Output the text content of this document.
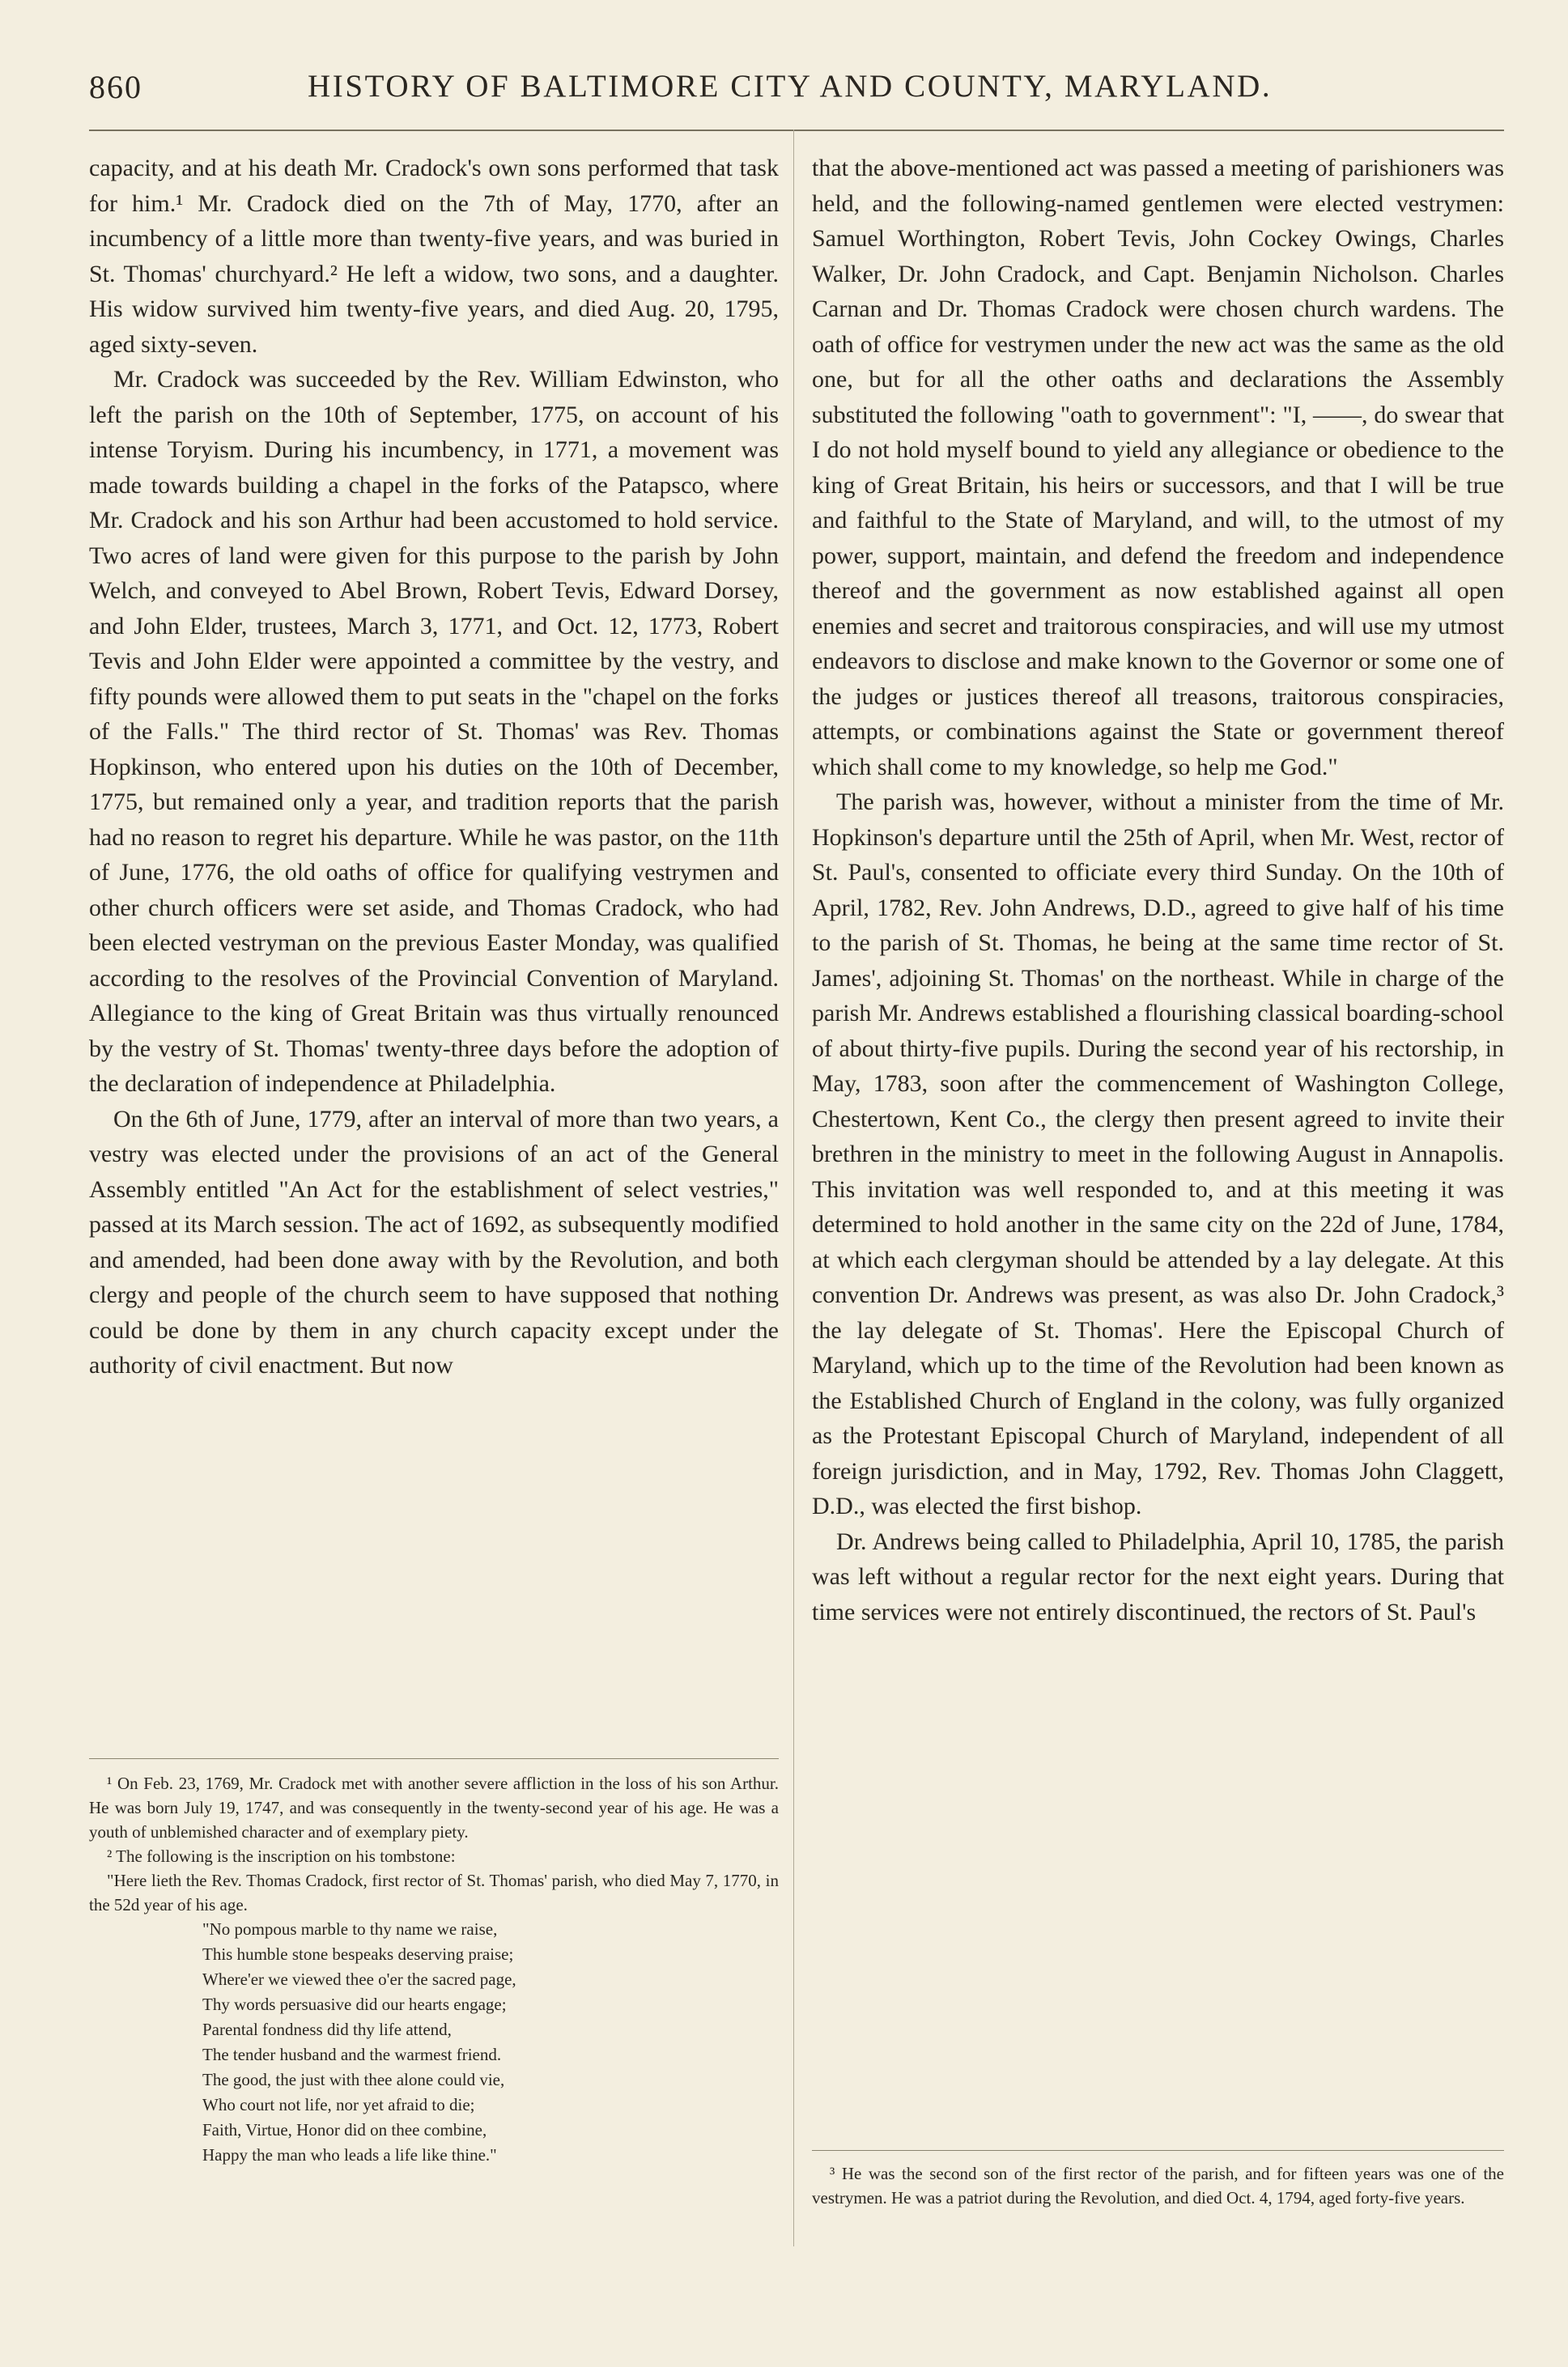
860	HISTORY OF BALTIMORE CITY AND COUNTY, MARYLAND.

capacity, and at his death Mr. Cradock's own sons performed that task for him.¹ Mr. Cradock died on the 7th of May, 1770, after an incumbency of a little more than twenty-five years, and was buried in St. Thomas' churchyard.² He left a widow, two sons, and a daughter. His widow survived him twenty-five years, and died Aug. 20, 1795, aged sixty-seven.

Mr. Cradock was succeeded by the Rev. William Edwinston, who left the parish on the 10th of September, 1775, on account of his intense Toryism. During his incumbency, in 1771, a movement was made towards building a chapel in the forks of the Patapsco, where Mr. Cradock and his son Arthur had been accustomed to hold service. Two acres of land were given for this purpose to the parish by John Welch, and conveyed to Abel Brown, Robert Tevis, Edward Dorsey, and John Elder, trustees, March 3, 1771, and Oct. 12, 1773, Robert Tevis and John Elder were appointed a committee by the vestry, and fifty pounds were allowed them to put seats in the "chapel on the forks of the Falls." The third rector of St. Thomas' was Rev. Thomas Hopkinson, who entered upon his duties on the 10th of December, 1775, but remained only a year, and tradition reports that the parish had no reason to regret his departure. While he was pastor, on the 11th of June, 1776, the old oaths of office for qualifying vestrymen and other church officers were set aside, and Thomas Cradock, who had been elected vestryman on the previous Easter Monday, was qualified according to the resolves of the Provincial Convention of Maryland. Allegiance to the king of Great Britain was thus virtually renounced by the vestry of St. Thomas' twenty-three days before the adoption of the declaration of independence at Philadelphia.

On the 6th of June, 1779, after an interval of more than two years, a vestry was elected under the provisions of an act of the General Assembly entitled "An Act for the establishment of select vestries," passed at its March session. The act of 1692, as subsequently modified and amended, had been done away with by the Revolution, and both clergy and people of the church seem to have supposed that nothing could be done by them in any church capacity except under the authority of civil enactment. But now

¹ On Feb. 23, 1769, Mr. Cradock met with another severe affliction in the loss of his son Arthur. He was born July 19, 1747, and was consequently in the twenty-second year of his age. He was a youth of unblemished character and of exemplary piety.

² The following is the inscription on his tombstone:

"Here lieth the Rev. Thomas Cradock, first rector of St. Thomas' parish, who died May 7, 1770, in the 52d year of his age.

"No pompous marble to thy name we raise,
This humble stone bespeaks deserving praise;
Where'er we viewed thee o'er the sacred page,
Thy words persuasive did our hearts engage;
Parental fondness did thy life attend,
The tender husband and the warmest friend.
The good, the just with thee alone could vie,
Who court not life, nor yet afraid to die;
Faith, Virtue, Honor did on thee combine,
Happy the man who leads a life like thine."

that the above-mentioned act was passed a meeting of parishioners was held, and the following-named gentlemen were elected vestrymen: Samuel Worthington, Robert Tevis, John Cockey Owings, Charles Walker, Dr. John Cradock, and Capt. Benjamin Nicholson. Charles Carnan and Dr. Thomas Cradock were chosen church wardens. The oath of office for vestrymen under the new act was the same as the old one, but for all the other oaths and declarations the Assembly substituted the following "oath to government": "I, ——, do swear that I do not hold myself bound to yield any allegiance or obedience to the king of Great Britain, his heirs or successors, and that I will be true and faithful to the State of Maryland, and will, to the utmost of my power, support, maintain, and defend the freedom and independence thereof and the government as now established against all open enemies and secret and traitorous conspiracies, and will use my utmost endeavors to disclose and make known to the Governor or some one of the judges or justices thereof all treasons, traitorous conspiracies, attempts, or combinations against the State or government thereof which shall come to my knowledge, so help me God."

The parish was, however, without a minister from the time of Mr. Hopkinson's departure until the 25th of April, when Mr. West, rector of St. Paul's, consented to officiate every third Sunday. On the 10th of April, 1782, Rev. John Andrews, D.D., agreed to give half of his time to the parish of St. Thomas, he being at the same time rector of St. James', adjoining St. Thomas' on the northeast. While in charge of the parish Mr. Andrews established a flourishing classical boarding-school of about thirty-five pupils. During the second year of his rectorship, in May, 1783, soon after the commencement of Washington College, Chestertown, Kent Co., the clergy then present agreed to invite their brethren in the ministry to meet in the following August in Annapolis. This invitation was well responded to, and at this meeting it was determined to hold another in the same city on the 22d of June, 1784, at which each clergyman should be attended by a lay delegate. At this convention Dr. Andrews was present, as was also Dr. John Cradock,³ the lay delegate of St. Thomas'. Here the Episcopal Church of Maryland, which up to the time of the Revolution had been known as the Established Church of England in the colony, was fully organized as the Protestant Episcopal Church of Maryland, independent of all foreign jurisdiction, and in May, 1792, Rev. Thomas John Claggett, D.D., was elected the first bishop.

Dr. Andrews being called to Philadelphia, April 10, 1785, the parish was left without a regular rector for the next eight years. During that time services were not entirely discontinued, the rectors of St. Paul's

³ He was the second son of the first rector of the parish, and for fifteen years was one of the vestrymen. He was a patriot during the Revolution, and died Oct. 4, 1794, aged forty-five years.
